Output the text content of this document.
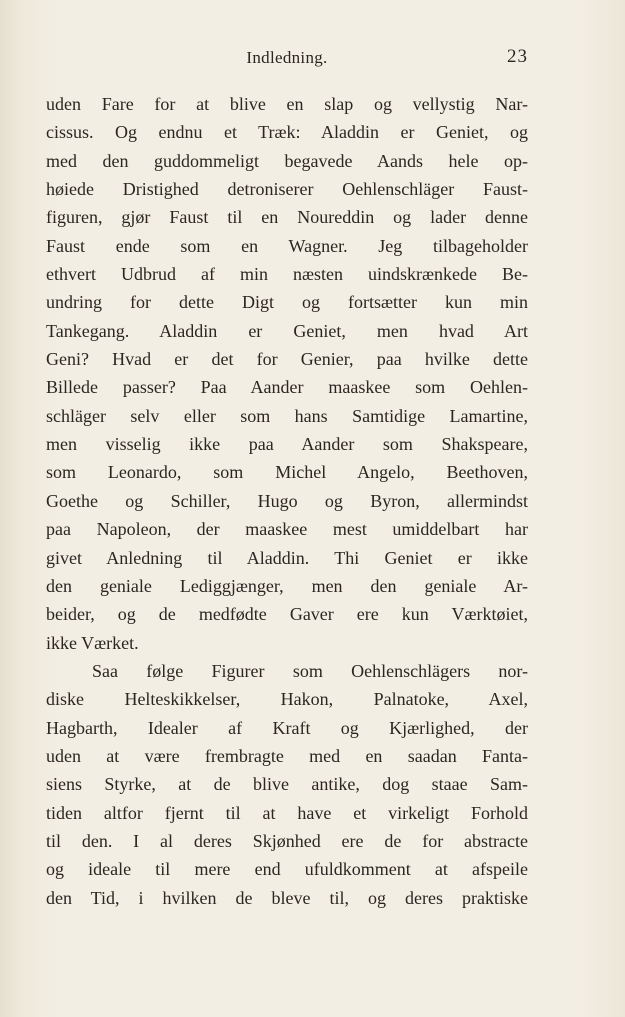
Indledning.	23
uden Fare for at blive en slap og vellystig Nar-
cissus. Og endnu et Træk: Aladdin er Geniet, og
med den guddommeligt begavede Aands hele op-
høiede Dristighed detroniserer Oehlenschläger Faust-
figuren, gjør Faust til en Noureddin og lader denne
Faust ende som en Wagner. Jeg tilbageholder
ethvert Udbrud af min næsten uindskrænkede Be-
undring for dette Digt og fortsætter kun min
Tankegang. Aladdin er Geniet, men hvad Art
Geni? Hvad er det for Genier, paa hvilke dette
Billede passer? Paa Aander maaskee som Oehlen-
schläger selv eller som hans Samtidige Lamartine,
men visselig ikke paa Aander som Shakspeare,
som Leonardo, som Michel Angelo, Beethoven,
Goethe og Schiller, Hugo og Byron, allermindst
paa Napoleon, der maaskee mest umiddelbart har
givet Anledning til Aladdin. Thi Geniet er ikke
den geniale Lediggjænger, men den geniale Ar-
beider, og de medfødte Gaver ere kun Værktøiet,
ikke Værket.
Saa følge Figurer som Oehlenschlägers nor-
diske Helteskikkelser, Hakon, Palnatoke, Axel,
Hagbarth, Idealer af Kraft og Kjærlighed, der
uden at være frembragte med en saadan Fanta-
siens Styrke, at de blive antike, dog staae Sam-
tiden altfor fjernt til at have et virkeligt Forhold
til den. I al deres Skjønhed ere de for abstracte
og ideale til mere end ufuldkomment at afspeile
den Tid, i hvilken de bleve til, og deres praktiske
